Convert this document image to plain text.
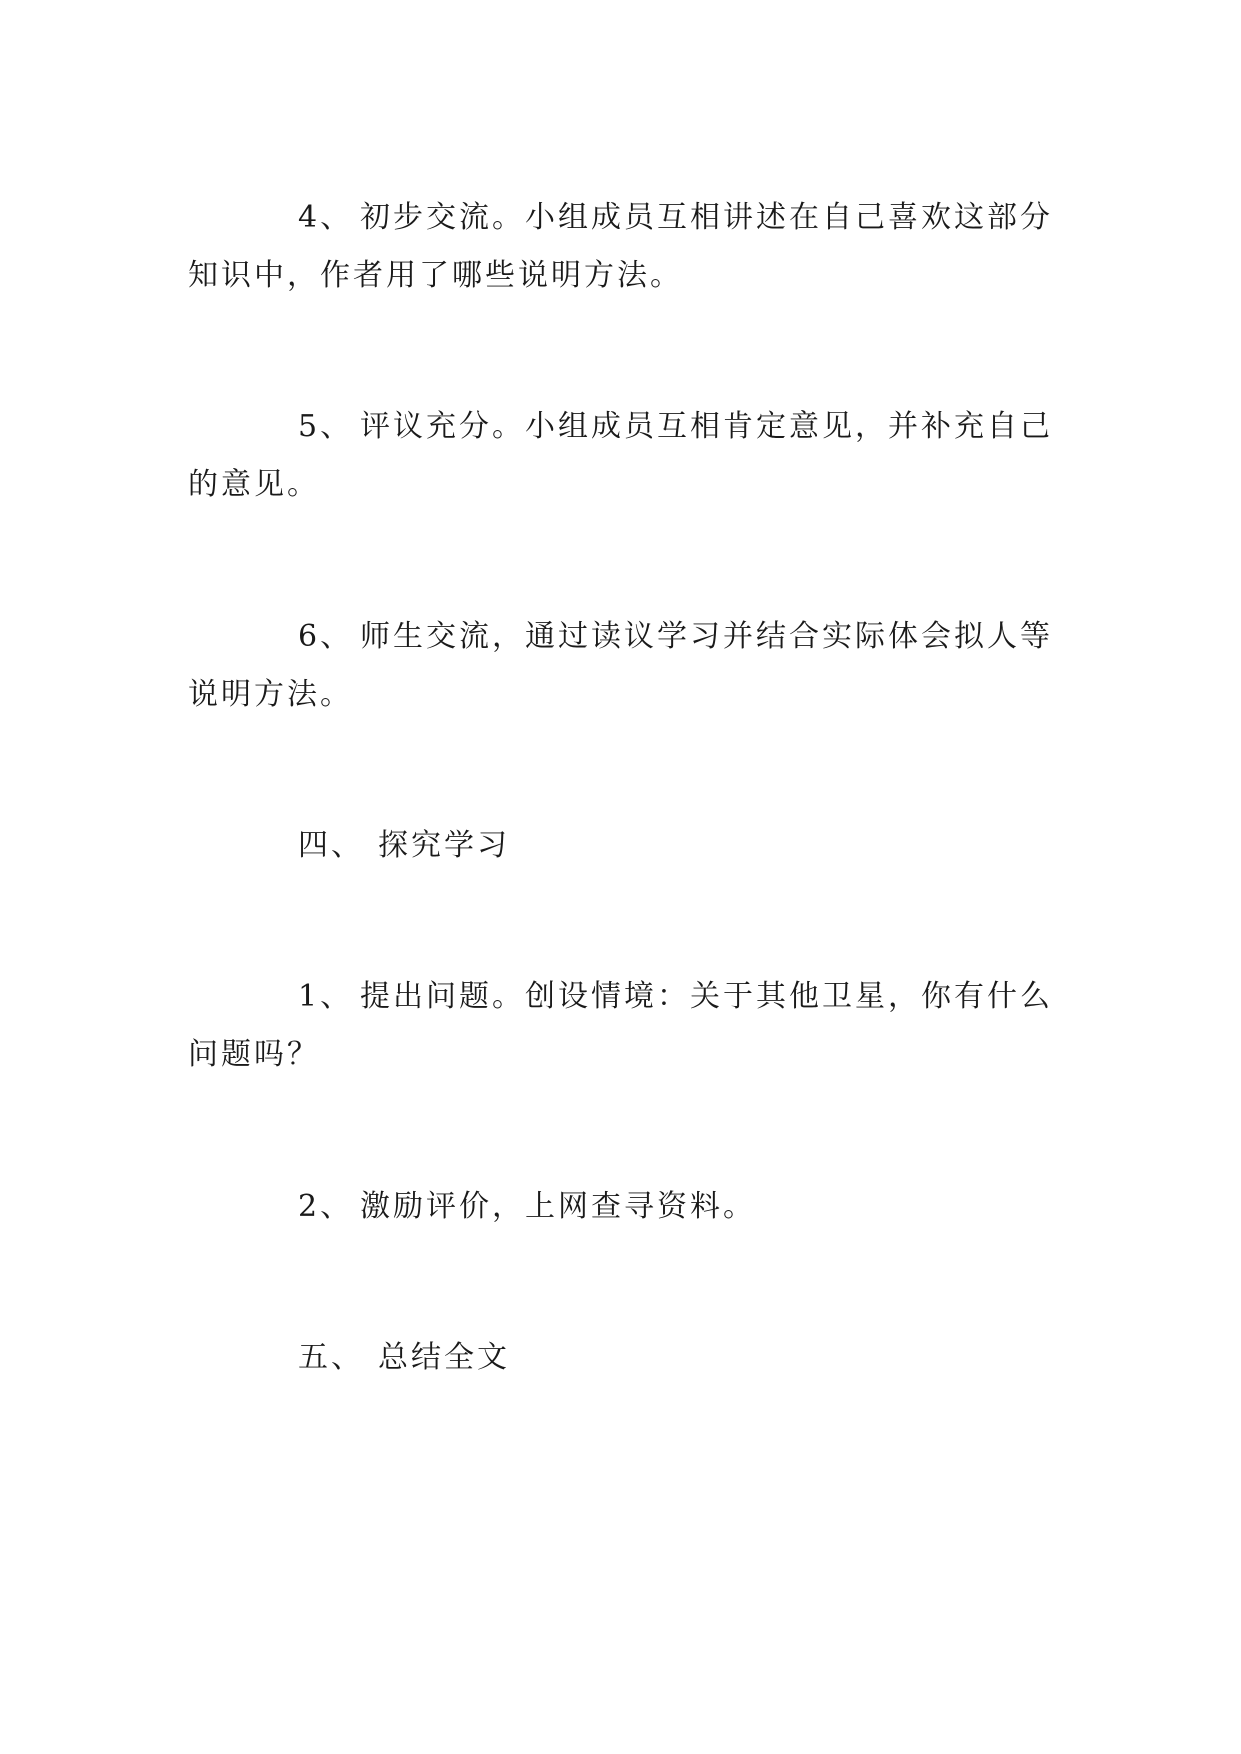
4、 初步交流。小组成员互相讲述在自己喜欢这部分知识中，作者用了哪些说明方法。

5、 评议充分。小组成员互相肯定意见，并补充自己的意见。

6、 师生交流，通过读议学习并结合实际体会拟人等说明方法。

四、 探究学习

1、 提出问题。创设情境：关于其他卫星，你有什么问题吗？

2、 激励评价，上网查寻资料。

五、 总结全文
